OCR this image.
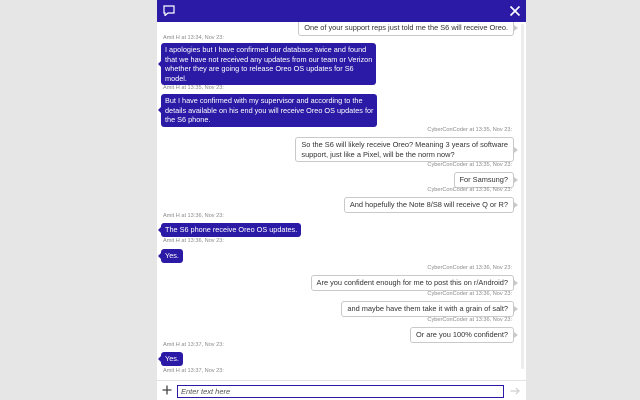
One of your support reps just told me the S6 will receive Oreo.
Amit H at 13:34, Nov 23:
I apologies but I have confirmed our database twice and found
that we have not received any updates from our team or Verizon
whether they are going to release Oreo OS updates for S6
model.
Amit H at 13:35, Nov 23:
But I have confirmed with my supervisor and according to the
details available on his end you will receive Oreo OS updates for
the S6 phone.
CyberConCoder at 13:35, Nov 23:
So the S6 will likely receive Oreo? Meaning 3 years of software
support, just like a Pixel, will be the norm now?
CyberConCoder at 13:35, Nov 23:
For Samsung?
CyberConCoder at 13:36, Nov 23:
And hopefully the Note 8/S8 will receive Q or R?
Amit H at 13:36, Nov 23:
The S6 phone receive Oreo OS updates.
Amit H at 13:36, Nov 23:
Yes.
CyberConCoder at 13:36, Nov 23:
Are you confident enough for me to post this on r/Android?
CyberConCoder at 13:36, Nov 23:
and maybe have them take it with a grain of salt?
CyberConCoder at 13:36, Nov 23:
Or are you 100% confident?
Amit H at 13:37, Nov 23:
Yes.
Amit H at 13:37, Nov 23:
Enter text here
